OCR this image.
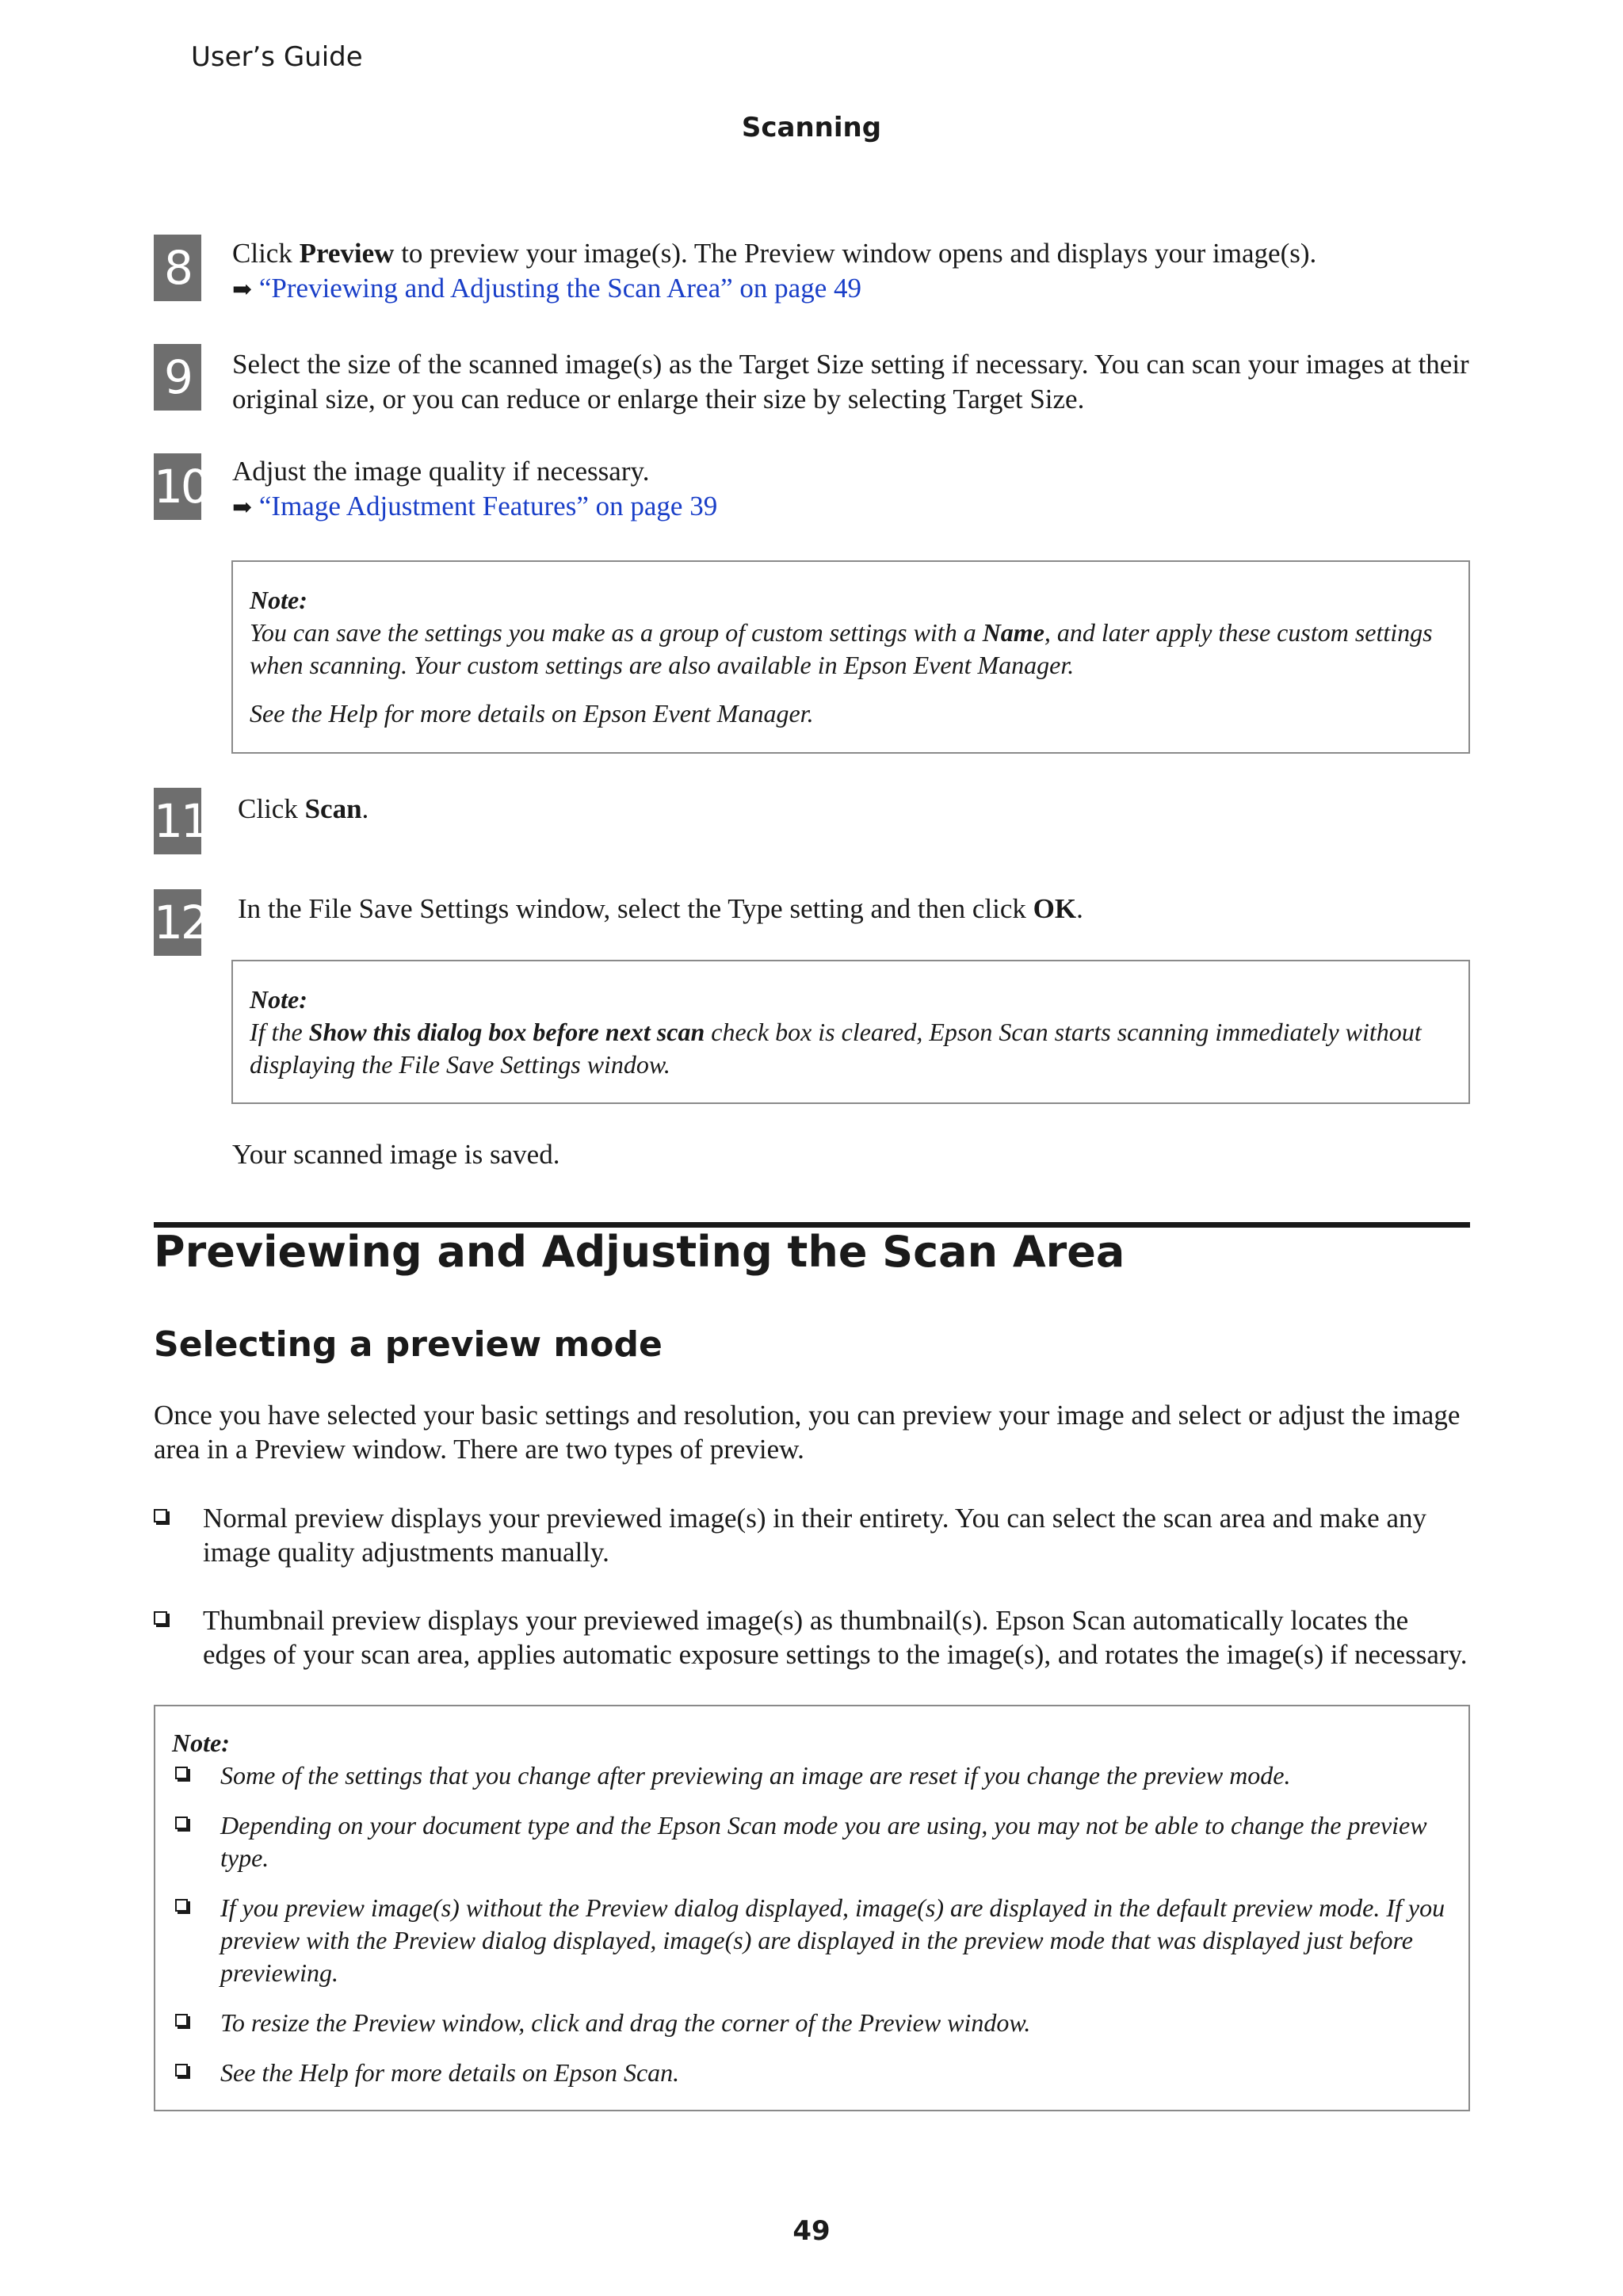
User’s Guide
Scanning
8	Click Preview to preview your image(s). The Preview window opens and displays your image(s).
➡ “Previewing and Adjusting the Scan Area” on page 49
9	Select the size of the scanned image(s) as the Target Size setting if necessary. You can scan your images at their original size, or you can reduce or enlarge their size by selecting Target Size.
10 Adjust the image quality if necessary.
➡ “Image Adjustment Features” on page 39

Note:

You can save the settings you make as a group of custom settings with a Name, and later apply these custom settings when scanning. Your custom settings are also available in Epson Event Manager.

See the Help for more details on Epson Event Manager.

11 Click Scan.
12 In the File Save Settings window, select the Type setting and then click OK.

Note:

If the Show this dialog box before next scan check box is cleared, Epson Scan starts scanning immediately without displaying the File Save Settings window.

Your scanned image is saved.
Previewing and Adjusting the Scan Area
Selecting a preview mode
Once you have selected your basic settings and resolution, you can preview your image and select or adjust the image area in a Preview window. There are two types of preview.
Normal preview displays your previewed image(s) in their entirety. You can select the scan area and make any image quality adjustments manually.
Thumbnail preview displays your previewed image(s) as thumbnail(s). Epson Scan automatically locates the edges of your scan area, applies automatic exposure settings to the image(s), and rotates the image(s) if necessary.

Note:

Some of the settings that you change after previewing an image are reset if you change the preview mode.
Depending on your document type and the Epson Scan mode you are using, you may not be able to change the preview type.
If you preview image(s) without the Preview dialog displayed, image(s) are displayed in the default preview mode. If you preview with the Preview dialog displayed, image(s) are displayed in the preview mode that was displayed just before previewing.
To resize the Preview window, click and drag the corner of the Preview window.
See the Help for more details on Epson Scan.
49
